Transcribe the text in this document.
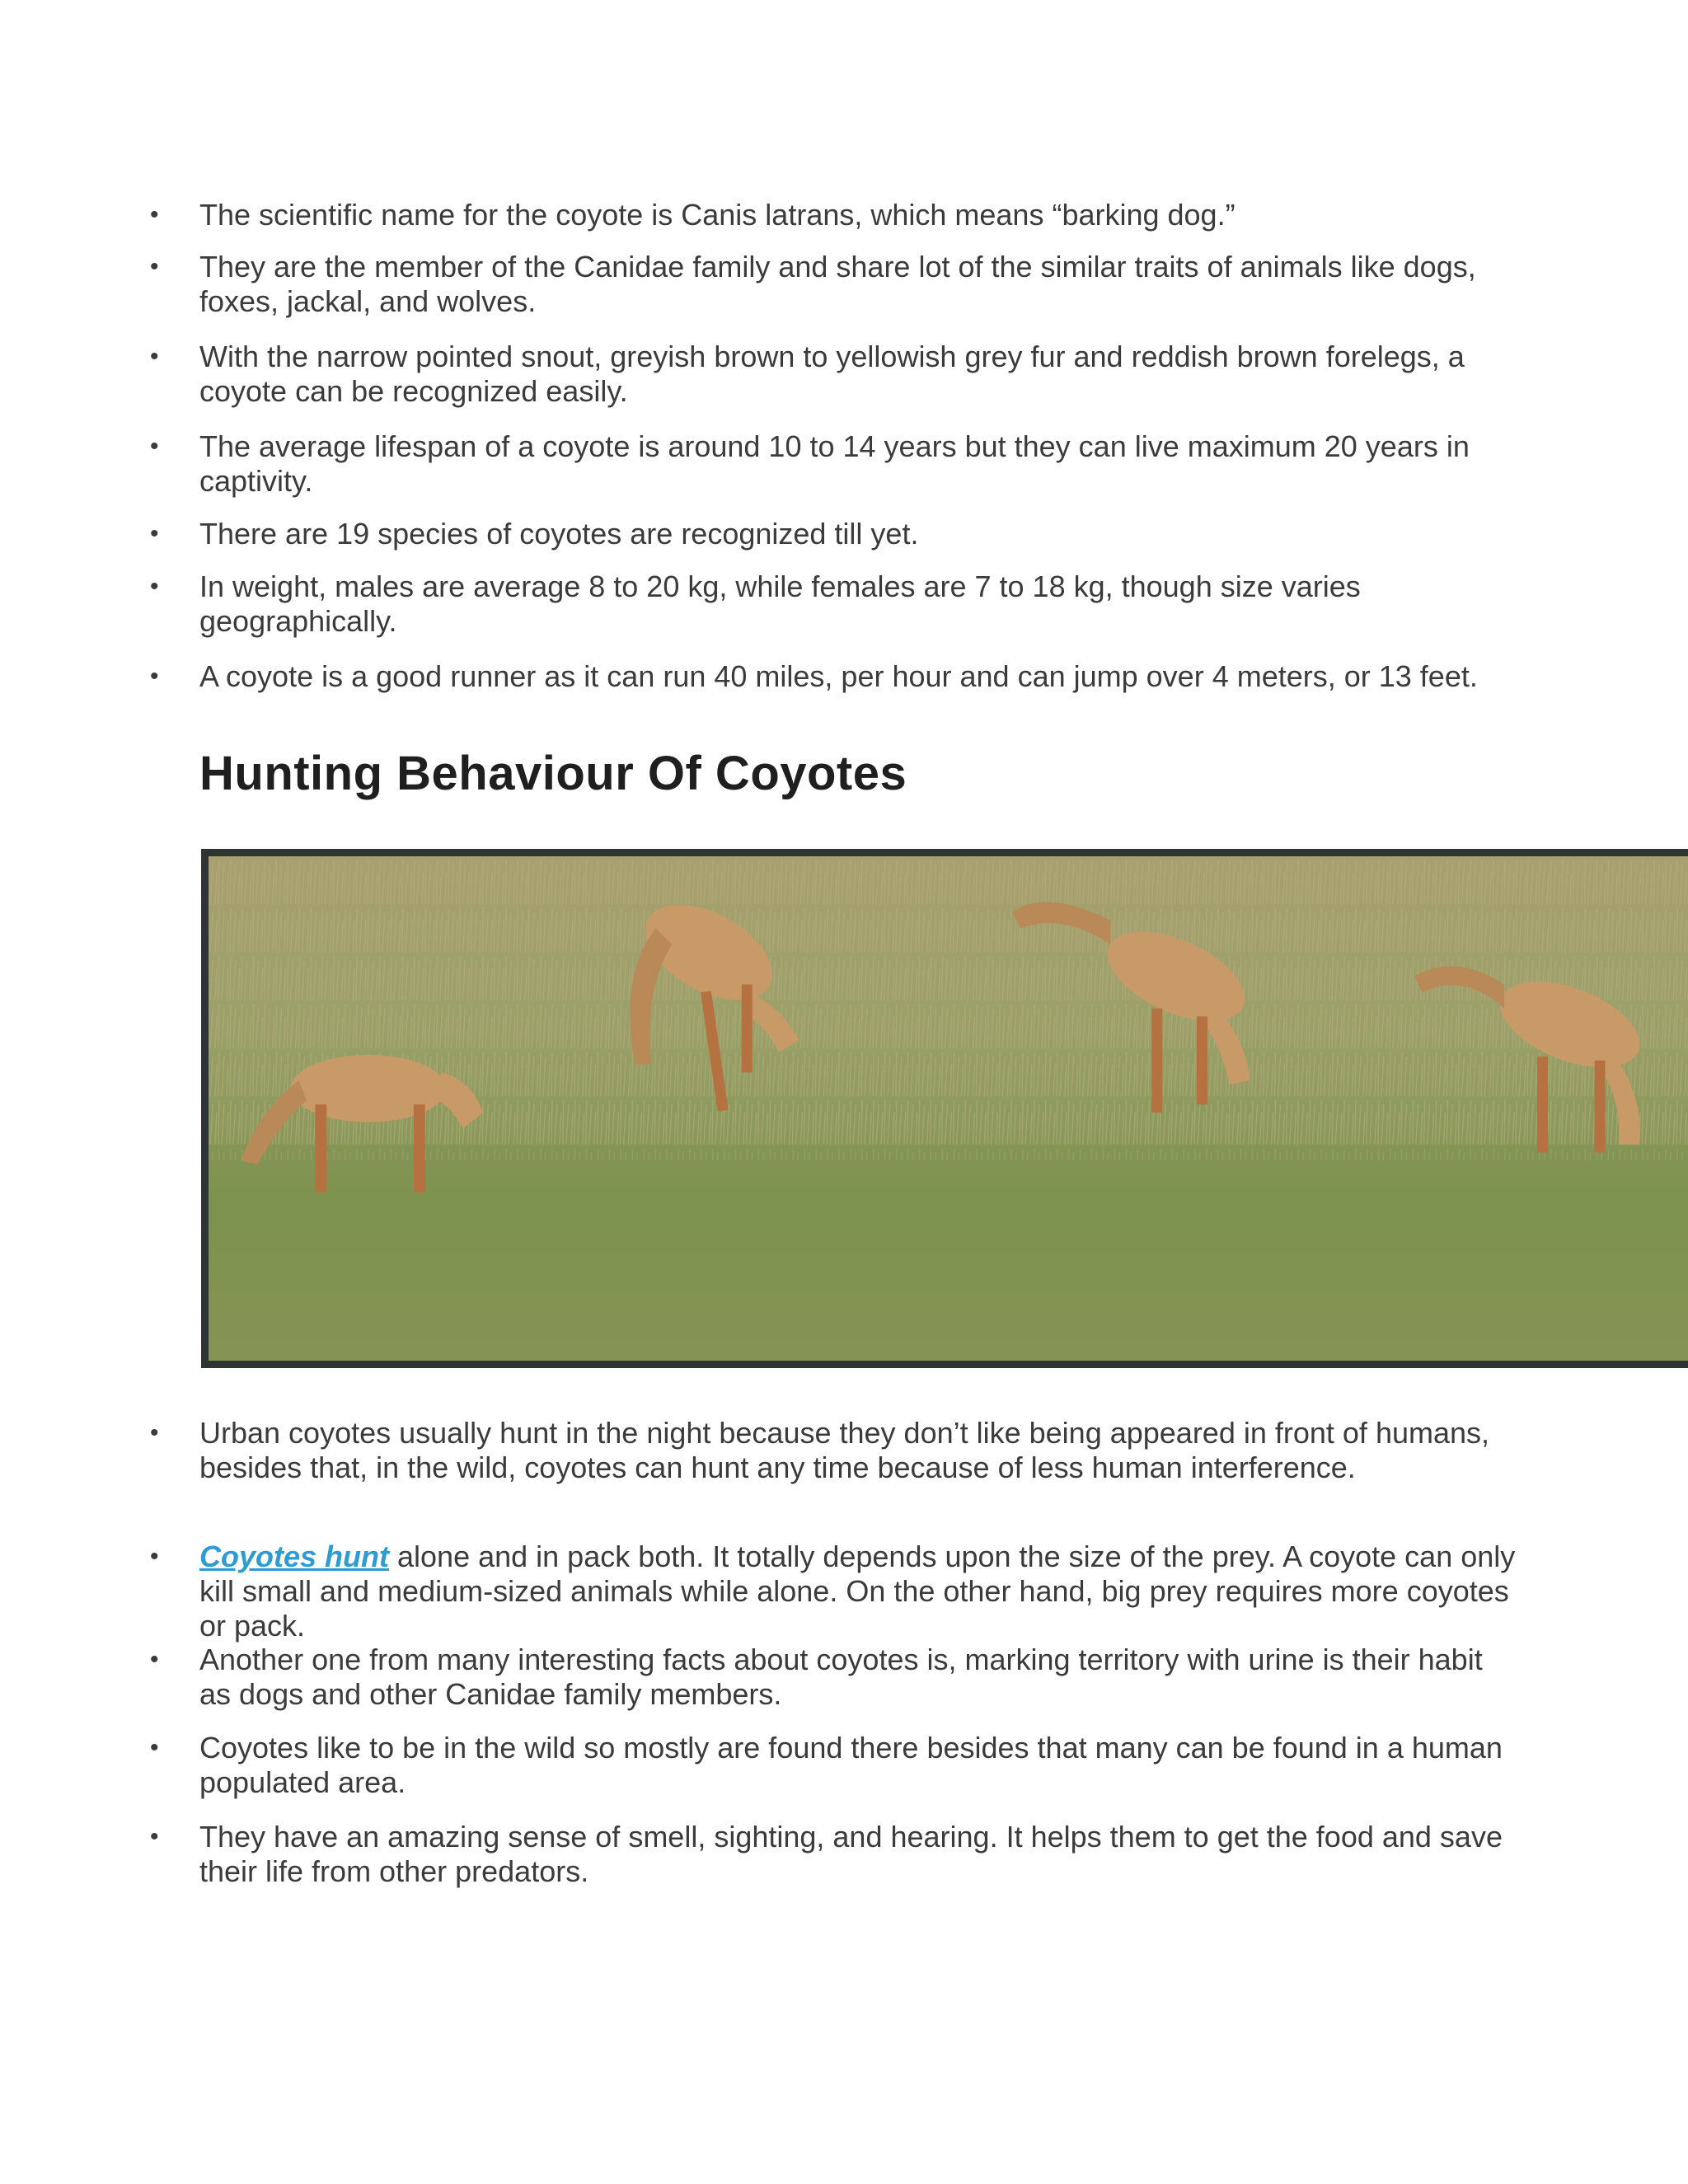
• The scientific name for the coyote is Canis latrans, which means “barking dog.”
• They are the member of the Canidae family and share lot of the similar traits of animals like dogs, foxes, jackal, and wolves.
• With the narrow pointed snout, greyish brown to yellowish grey fur and reddish brown forelegs, a coyote can be recognized easily.
• The average lifespan of a coyote is around 10 to 14 years but they can live maximum 20 years in captivity.
• There are 19 species of coyotes are recognized till yet.
• In weight, males are average 8 to 20 kg, while females are 7 to 18 kg, though size varies geographically.
• A coyote is a good runner as it can run 40 miles, per hour and can jump over 4 meters, or 13 feet.
Hunting Behaviour Of Coyotes
• Urban coyotes usually hunt in the night because they don’t like being appeared in front of humans, besides that, in the wild, coyotes can hunt any time because of less human interference.
• Coyotes hunt alone and in pack both. It totally depends upon the size of the prey. A coyote can only kill small and medium-sized animals while alone. On the other hand, big prey requires more coyotes or pack.
• Another one from many interesting facts about coyotes is, marking territory with urine is their habit as dogs and other Canidae family members.
• Coyotes like to be in the wild so mostly are found there besides that many can be found in a human populated area.
• They have an amazing sense of smell, sighting, and hearing. It helps them to get the food and save their life from other predators.
